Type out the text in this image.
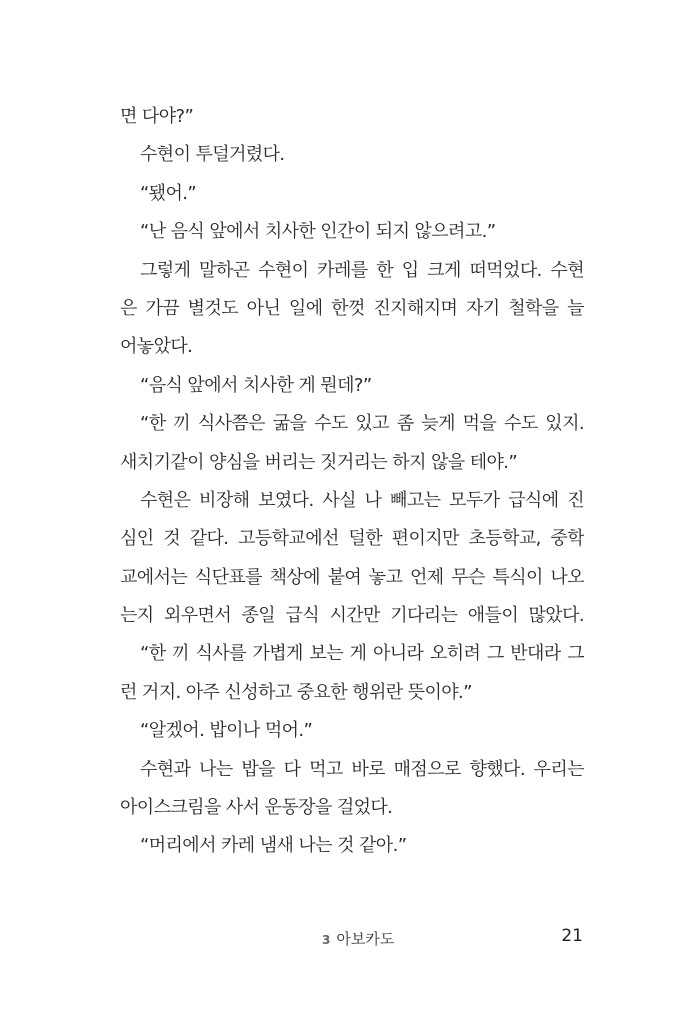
면 다야?”
수현이 투덜거렸다.
“됐어.”
“난 음식 앞에서 치사한 인간이 되지 않으려고.”
그렇게 말하곤 수현이 카레를 한 입 크게 떠먹었다. 수현
은 가끔 별것도 아닌 일에 한껏 진지해지며 자기 철학을 늘
어놓았다.
“음식 앞에서 치사한 게 뭔데?”
“한 끼 식사쯤은 굶을 수도 있고 좀 늦게 먹을 수도 있지.
새치기같이 양심을 버리는 짓거리는 하지 않을 테야.”
수현은 비장해 보였다. 사실 나 빼고는 모두가 급식에 진
심인 것 같다. 고등학교에선 덜한 편이지만 초등학교, 중학
교에서는 식단표를 책상에 붙여 놓고 언제 무슨 특식이 나오
는지 외우면서 종일 급식 시간만 기다리는 애들이 많았다.
“한 끼 식사를 가볍게 보는 게 아니라 오히려 그 반대라 그
런 거지. 아주 신성하고 중요한 행위란 뜻이야.”
“알겠어. 밥이나 먹어.”
수현과 나는 밥을 다 먹고 바로 매점으로 향했다. 우리는
아이스크림을 사서 운동장을 걸었다.
“머리에서 카레 냄새 나는 것 같아.”
3 아보카도	21
